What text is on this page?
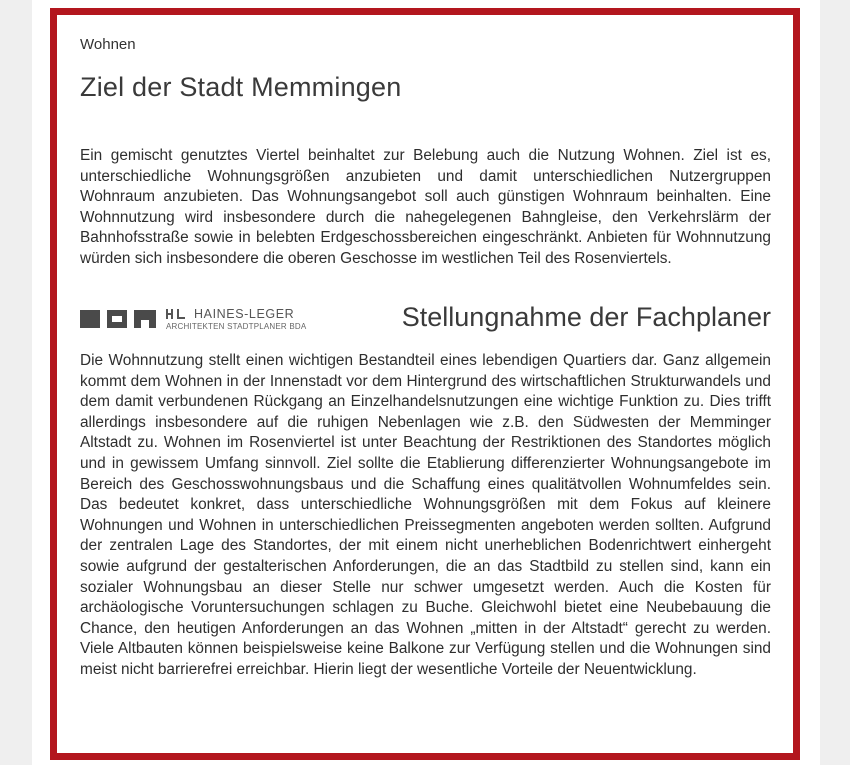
Wohnen
Ziel der Stadt Memmingen
Ein gemischt genutztes Viertel beinhaltet zur Belebung auch die Nutzung Wohnen. Ziel ist es, unterschiedliche Wohnungsgrößen anzubieten und damit unterschiedlichen Nutzergruppen Wohnraum anzubieten. Das Wohnungsangebot soll auch günstigen Wohnraum beinhalten. Eine Wohnnutzung wird insbesondere durch die nahegelegenen Bahngleise, den Verkehrslärm der Bahnhofsstraße sowie in belebten Erdgeschossbereichen eingeschränkt. Anbieten für Wohnnutzung würden sich insbesondere die oberen Geschosse im westlichen Teil des Rosenviertels.
HAINES-LEGER
ARCHITEKTEN STADTPLANER BDA	Stellungnahme der Fachplaner
Die Wohnnutzung stellt einen wichtigen Bestandteil eines lebendigen Quartiers dar. Ganz allgemein kommt dem Wohnen in der Innenstadt vor dem Hintergrund des wirtschaftlichen Strukturwandels und dem damit verbundenen Rückgang an Einzelhandelsnutzungen eine wichtige Funktion zu. Dies trifft allerdings insbesondere auf die ruhigen Nebenlagen wie z.B. den Südwesten der Memminger Altstadt zu. Wohnen im Rosenviertel ist unter Beachtung der Restriktionen des Standortes möglich und in gewissem Umfang sinnvoll. Ziel sollte die Etablierung differenzierter Wohnungsangebote im Bereich des Geschosswohnungsbaus und die Schaffung eines qualitätvollen Wohnumfeldes sein. Das bedeutet konkret, dass unterschiedliche Wohnungsgrößen mit dem Fokus auf kleinere Wohnungen und Wohnen in unterschiedlichen Preissegmenten angeboten werden sollten. Aufgrund der zentralen Lage des Standortes, der mit einem nicht unerheblichen Bodenrichtwert einhergeht sowie aufgrund der gestalterischen Anforderungen, die an das Stadtbild zu stellen sind, kann ein sozialer Wohnungsbau an dieser Stelle nur schwer umgesetzt werden. Auch die Kosten für archäologische Voruntersuchungen schlagen zu Buche. Gleichwohl bietet eine Neubebauung die Chance, den heutigen Anforderungen an das Wohnen „mitten in der Altstadt“ gerecht zu werden. Viele Altbauten können beispielsweise keine Balkone zur Verfügung stellen und die Wohnungen sind meist nicht barrierefrei erreichbar. Hierin liegt der wesentliche Vorteile der Neuentwicklung.
